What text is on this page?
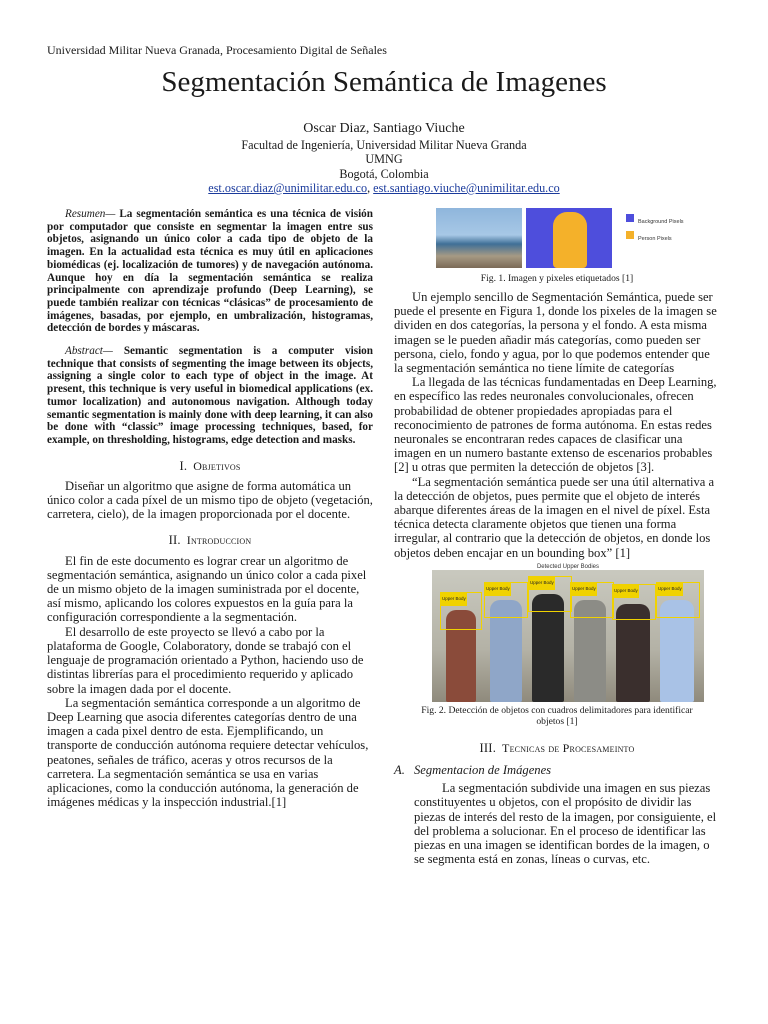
Universidad Militar Nueva Granada, Procesamiento Digital de Señales
Segmentación Semántica de Imagenes
Oscar Diaz, Santiago Viuche
Facultad de Ingeniería, Universidad Militar Nueva Granda
UMNG
Bogotá, Colombia
est.oscar.diaz@unimilitar.edu.co, est.santiago.viuche@unimilitar.edu.co

Resumen— La segmentación semántica es una técnica de visión por computador que consiste en segmentar la imagen entre sus objetos, asignando un único color a cada tipo de objeto de la imagen. En la actualidad esta técnica es muy útil en aplicaciones biomédicas (ej. localización de tumores) y de navegación autónoma. Aunque hoy en día la segmentación semántica se realiza principalmente con aprendizaje profundo (Deep Learning), se puede también realizar con técnicas “clásicas” de procesamiento de imágenes, basadas, por ejemplo, en umbralización, histogramas, detección de bordes y máscaras.

Abstract— Semantic segmentation is a computer vision technique that consists of segmenting the image between its objects, assigning a single color to each type of object in the image. At present, this technique is very useful in biomedical applications (ex. tumor localization) and autonomous navigation. Although today semantic segmentation is mainly done with deep learning, it can also be done with “classic” image processing techniques, based, for example, on thresholding, histograms, edge detection and masks.

I. Objetivos

Diseñar un algoritmo que asigne de forma automática un único color a cada píxel de un mismo tipo de objeto (vegetación, carretera, cielo), de la imagen proporcionada por el docente.

II. Introduccion

El fin de este documento es lograr crear un algoritmo de segmentación semántica, asignando un único color a cada pixel de un mismo objeto de la imagen suministrada por el docente, así mismo, aplicando los colores expuestos en la guía para la configuración correspondiente a la segmentación.

El desarrollo de este proyecto se llevó a cabo por la plataforma de Google, Colaboratory, donde se trabajó con el lenguaje de programación orientado a Python, haciendo uso de distintas librerías para el procedimiento requerido y aplicado sobre la imagen dada por el docente.

La segmentación semántica corresponde a un algoritmo de Deep Learning que asocia diferentes categorías dentro de una imagen a cada pixel dentro de esta. Ejemplificando, un transporte de conducción autónoma requiere detectar vehículos, peatones, señales de tráfico, aceras y otros recursos de la carretera. La segmentación semántica se usa en varias aplicaciones, como la conducción autónoma, la generación de imágenes médicas y la inspección industrial.[1]

Background Pixels
Person Pixels

Fig. 1. Imagen y pixeles etiquetados [1]

Un ejemplo sencillo de Segmentación Semántica, puede ser puede el presente en Figura 1, donde los pixeles de la imagen se dividen en dos categorías, la persona y el fondo. A esta misma imagen se le pueden añadir más categorías, como pueden ser persona, cielo, fondo y agua, por lo que podemos entender que la segmentación semántica no tiene límite de categorías

La llegada de las técnicas fundamentadas en Deep Learning, en específico las redes neuronales convolucionales, ofrecen probabilidad de obtener propiedades apropiadas para el reconocimiento de patrones de forma autónoma. En estas redes neuronales se encontraran redes capaces de clasificar una imagen en un numero bastante extenso de escenarios probables [2] u otras que permiten la detección de objetos [3].

“La segmentación semántica puede ser una útil alternativa a la detección de objetos, pues permite que el objeto de interés abarque diferentes áreas de la imagen en el nivel de píxel. Esta técnica detecta claramente objetos que tienen una forma irregular, al contrario que la detección de objetos, en donde los objetos deben encajar en un bounding box” [1]

Detected Upper Bodies
Upper Body
Upper Body
Upper Body
Upper Body	Upper Body	Upper Body

Fig. 2. Detección de objetos con cuadros delimitadores para identificar objetos [1]

III. Tecnicas de Procesameinto
A. Segmentacion de Imágenes

La segmentación subdivide una imagen en sus piezas constituyentes u objetos, con el propósito de dividir las piezas de interés del resto de la imagen, por consiguiente, el del problema a solucionar. En el proceso de identificar las piezas en una imagen se identifican bordes de la imagen, o se segmenta está en zonas, líneas o curvas, etc.
